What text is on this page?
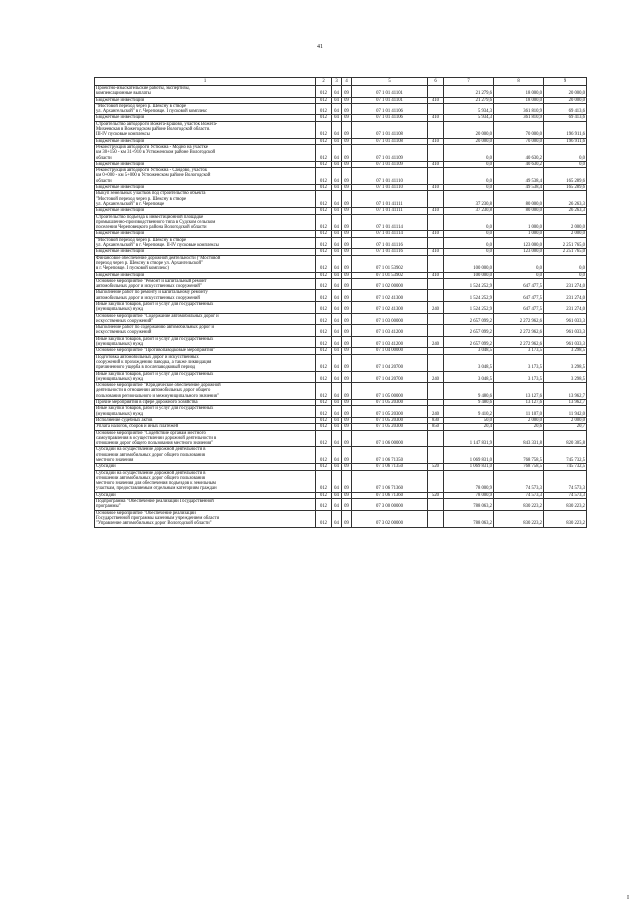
41
1	2	3	4	5	6	7	8	9

Проектно-изыскательские работы, экспертизы,
компенсационные выплаты	012	04	09	07 1 01 41101		21 279,6	18 000,0	20 000,0

Бюджетные инвестиции	012	04	09	07 1 01 41101	410	21 279,6	18 000,0	20 000,0

"Мостовой переход через р. Шексну в створе
ул. Архангельской" в г. Череповце. I пусковой комплекс	012	04	09	07 1 01 41106		5 934,3	361 810,9	69 413,6

Бюджетные инвестиции	012	04	09	07 1 01 41106	410	5 934,3	361 810,9	69 413,6

Строительство автодороги Вожега-Ершово, участок Вожега-
Михеевская в Вожегодском районе Вологодской области.
III-IV пусковые комплексы	012	04	09	07 1 01 41108		20 000,0	70 000,0	196 911,6

Бюджетные инвестиции	012	04	09	07 1 01 41108	410	20 000,0	70 000,0	196 911,6

Реконструкция автодороги Устюжна - Модно на участке
км 30+150 - км 31+910 в Устюженском районе Вологодской
области	012	04	09	07 1 01 41109		0,0	40 630,2	0,0

Бюджетные инвестиции	012	04	09	07 1 01 41109	410	0,0	40 630,2	0,0

Реконструкция автодороги Устюжна - Сандово, участок
км 0+000 - км 5+000 в Устюженском районе Вологодской
области	012	04	09	07 1 01 41110		0,0	49 538,4	165 289,6

Бюджетные инвестиции	012	04	09	07 1 01 41110	410	0,0	49 538,4	165 289,6

Выкуп земельных участков под строительство объекта
"Мостовой переход через р. Шексну в створе
ул. Архангельской" в г. Череповце	012	04	09	07 1 01 41111		37 230,8	80 000,0	26 263,3

Бюджетные инвестиции	012	04	09	07 1 01 41111	410	37 230,8	80 000,0	26 263,3

Строительство подъезда к инвестиционной площадке
промышленно-производственного типа в Судском сельском
поселении Череповецкого района Вологодской области	012	04	09	07 1 01 41114		0,0	1 000,0	2 000,0

Бюджетные инвестиции	012	04	09	07 1 01 41114	410	0,0	1 000,0	2 000,0

"Мостовой переход через р. Шексну в створе
ул. Архангельской" в г. Череповце. II-IV пусковые комплексы	012	04	09	07 1 01 41116		0,0	123 000,0	2 251 765,0

Бюджетные инвестиции	012	04	09	07 1 01 41116	410	0,0	123 000,0	2 251 765,0

Финансовое обеспечение дорожной деятельности ("Мостовой
переход через р. Шексну в створе ул. Архангельской"
в г. Череповце. I пусковой комплекс)	012	04	09	07 1 01 53902		100 000,0	0,0	0,0

Бюджетные инвестиции	012	04	09	07 1 01 53902	410	100 000,0	0,0	0,0

Основное мероприятие "Ремонт и капитальный ремонт
автомобильных дорог и искусственных сооружений"	012	04	09	07 1 02 00000		1 524 252,9	647 477,5	231 274,0

Выполнение работ по ремонту и капитальному ремонту
автомобильных дорог и искусственных сооружений	012	04	09	07 1 02 41300		1 524 252,9	647 477,5	231 274,0

Иные закупки товаров, работ и услуг для государственных
(муниципальных) нужд	012	04	09	07 1 02 41300	240	1 524 252,9	647 477,5	231 274,0

Основное мероприятие "Содержание автомобильных дорог и
искусственных сооружений"	012	04	09	07 1 03 00000		2 657 099,2	2 272 962,6	961 033,3

Выполнение работ по содержанию автомобильных дорог и
искусственных сооружений	012	04	09	07 1 03 41200		2 657 099,2	2 272 962,6	961 033,3

Иные закупки товаров, работ и услуг для государственных
(муниципальных) нужд	012	04	09	07 1 03 41200	240	2 657 099,2	2 272 962,6	961 033,3

Основное мероприятие "Противопаводковые мероприятия"	012	04	09	07 1 04 00000		3 048,5	3 173,5	3 298,5

Подготовка автомобильных дорог и искусственных
сооружений к прохождению паводка, а также ликвидация
причиненного ущерба в послепаводковый период	012	04	09	07 1 04 20700		3 048,5	3 173,5	3 298,5

Иные закупки товаров, работ и услуг для государственных
(муниципальных) нужд	012	04	09	07 1 04 20700	240	3 048,5	3 173,5	3 298,5

Основное мероприятие "Юридическое обеспечение дорожной
деятельности в отношении автомобильных дорог общего
пользования регионального и межмуниципального значения"	012	04	09	07 1 05 00000		9 480,6	13 127,6	13 962,7

Прочие мероприятия в сфере дорожного хозяйства	012	04	09	07 1 05 20300		9 480,6	13 127,6	13 962,7

Иные закупки товаров, работ и услуг для государственных
(муниципальных) нужд	012	04	09	07 1 05 20300	240	9 410,2	11 107,0	11 942,0

Исполнение судебных актов	012	04	09	07 1 05 20300	830	50,0	2 000,0	2 000,0

Уплата налогов, сборов и иных платежей	012	04	09	07 1 05 20300	850	20,4	20,6	20,7

Основное мероприятие "Содействие органам местного
самоуправления в осуществлении дорожной деятельности в
отношении дорог общего пользования местного значения"	012	04	09	07 1 06 00000		1 147 831,9	843 331,8	820 305,8

Субсидии на осуществление дорожной деятельности в
отношении автомобильных дорог общего пользования
местного значения	012	04	09	07 1 06 71350		1 069 831,0	768 758,5	745 732,5

Субсидии	012	04	09	07 1 06 71350	520	1 069 831,0	768 758,5	745 732,5

Субсидии на осуществление дорожной деятельности в
отношении автомобильных дорог общего пользования
местного значения для обеспечения подъездов к земельным
участкам, предоставляемым отдельным категориям граждан	012	04	09	07 1 06 71360		78 000,9	74 573,3	74 573,3

Субсидии	012	04	09	07 1 06 71360	520	78 000,9	74 573,3	74 573,3

Подпрограмма "Обеспечение реализации Государственной
программы"	012	04	09	07 3 00 00000		788 063,2	830 223,2	830 223,2

Основное мероприятие "Обеспечение реализации
Государственной программы казенным учреждением области
"Управление автомобильных дорог Вологодской области"	012	04	09	07 3 02 00000		788 063,2	830 223,2	830 223,2
I
